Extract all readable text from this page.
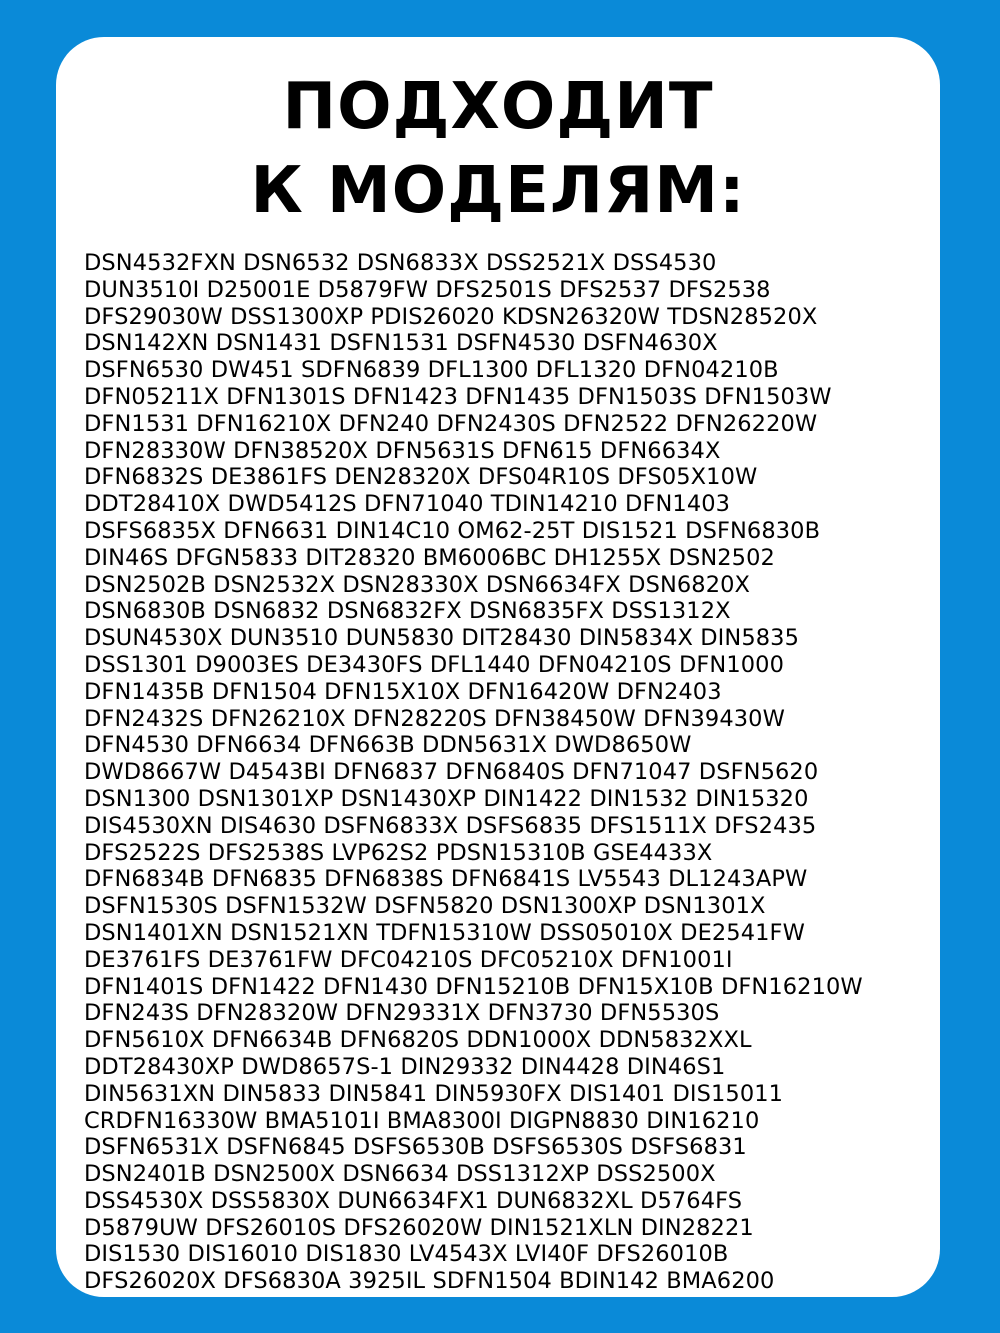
ПОДХОДИТ
К МОДЕЛЯМ:
DSN4532FXN DSN6532 DSN6833X DSS2521X DSS4530
DUN3510I D25001E D5879FW DFS2501S DFS2537 DFS2538
DFS29030W DSS1300XP PDIS26020 KDSN26320W TDSN28520X
DSN142XN DSN1431 DSFN1531 DSFN4530 DSFN4630X
DSFN6530 DW451 SDFN6839 DFL1300 DFL1320 DFN04210B
DFN05211X DFN1301S DFN1423 DFN1435 DFN1503S DFN1503W
DFN1531 DFN16210X DFN240 DFN2430S DFN2522 DFN26220W
DFN28330W DFN38520X DFN5631S DFN615 DFN6634X
DFN6832S DE3861FS DEN28320X DFS04R10S DFS05X10W
DDT28410X DWD5412S DFN71040 TDIN14210 DFN1403
DSFS6835X DFN6631 DIN14C10 OM62-25T DIS1521 DSFN6830B
DIN46S DFGN5833 DIT28320 BM6006BC DH1255X DSN2502
DSN2502B DSN2532X DSN28330X DSN6634FX DSN6820X
DSN6830B DSN6832 DSN6832FX DSN6835FX DSS1312X
DSUN4530X DUN3510 DUN5830 DIT28430 DIN5834X DIN5835
DSS1301 D9003ES DE3430FS DFL1440 DFN04210S DFN1000
DFN1435B DFN1504 DFN15X10X DFN16420W DFN2403
DFN2432S DFN26210X DFN28220S DFN38450W DFN39430W
DFN4530 DFN6634 DFN663B DDN5631X DWD8650W
DWD8667W D4543BI DFN6837 DFN6840S DFN71047 DSFN5620
DSN1300 DSN1301XP DSN1430XP DIN1422 DIN1532 DIN15320
DIS4530XN DIS4630 DSFN6833X DSFS6835 DFS1511X DFS2435
DFS2522S DFS2538S LVP62S2 PDSN15310B GSE4433X
DFN6834B DFN6835 DFN6838S DFN6841S LV5543 DL1243APW
DSFN1530S DSFN1532W DSFN5820 DSN1300XP DSN1301X
DSN1401XN DSN1521XN TDFN15310W DSS05010X DE2541FW
DE3761FS DE3761FW DFC04210S DFC05210X DFN1001I
DFN1401S DFN1422 DFN1430 DFN15210B DFN15X10B DFN16210W
DFN243S DFN28320W DFN29331X DFN3730 DFN5530S
DFN5610X DFN6634B DFN6820S DDN1000X DDN5832XXL
DDT28430XP DWD8657S-1 DIN29332 DIN4428 DIN46S1
DIN5631XN DIN5833 DIN5841 DIN5930FX DIS1401 DIS15011
CRDFN16330W BMA5101I BMA8300I DIGPN8830 DIN16210
DSFN6531X DSFN6845 DSFS6530B DSFS6530S DSFS6831
DSN2401B DSN2500X DSN6634 DSS1312XP DSS2500X
DSS4530X DSS5830X DUN6634FX1 DUN6832XL D5764FS
D5879UW DFS26010S DFS26020W DIN1521XLN DIN28221
DIS1530 DIS16010 DIS1830 LV4543X LVI40F DFS26010B
DFS26020X DFS6830A 3925IL SDFN1504 BDIN142 BMA6200
